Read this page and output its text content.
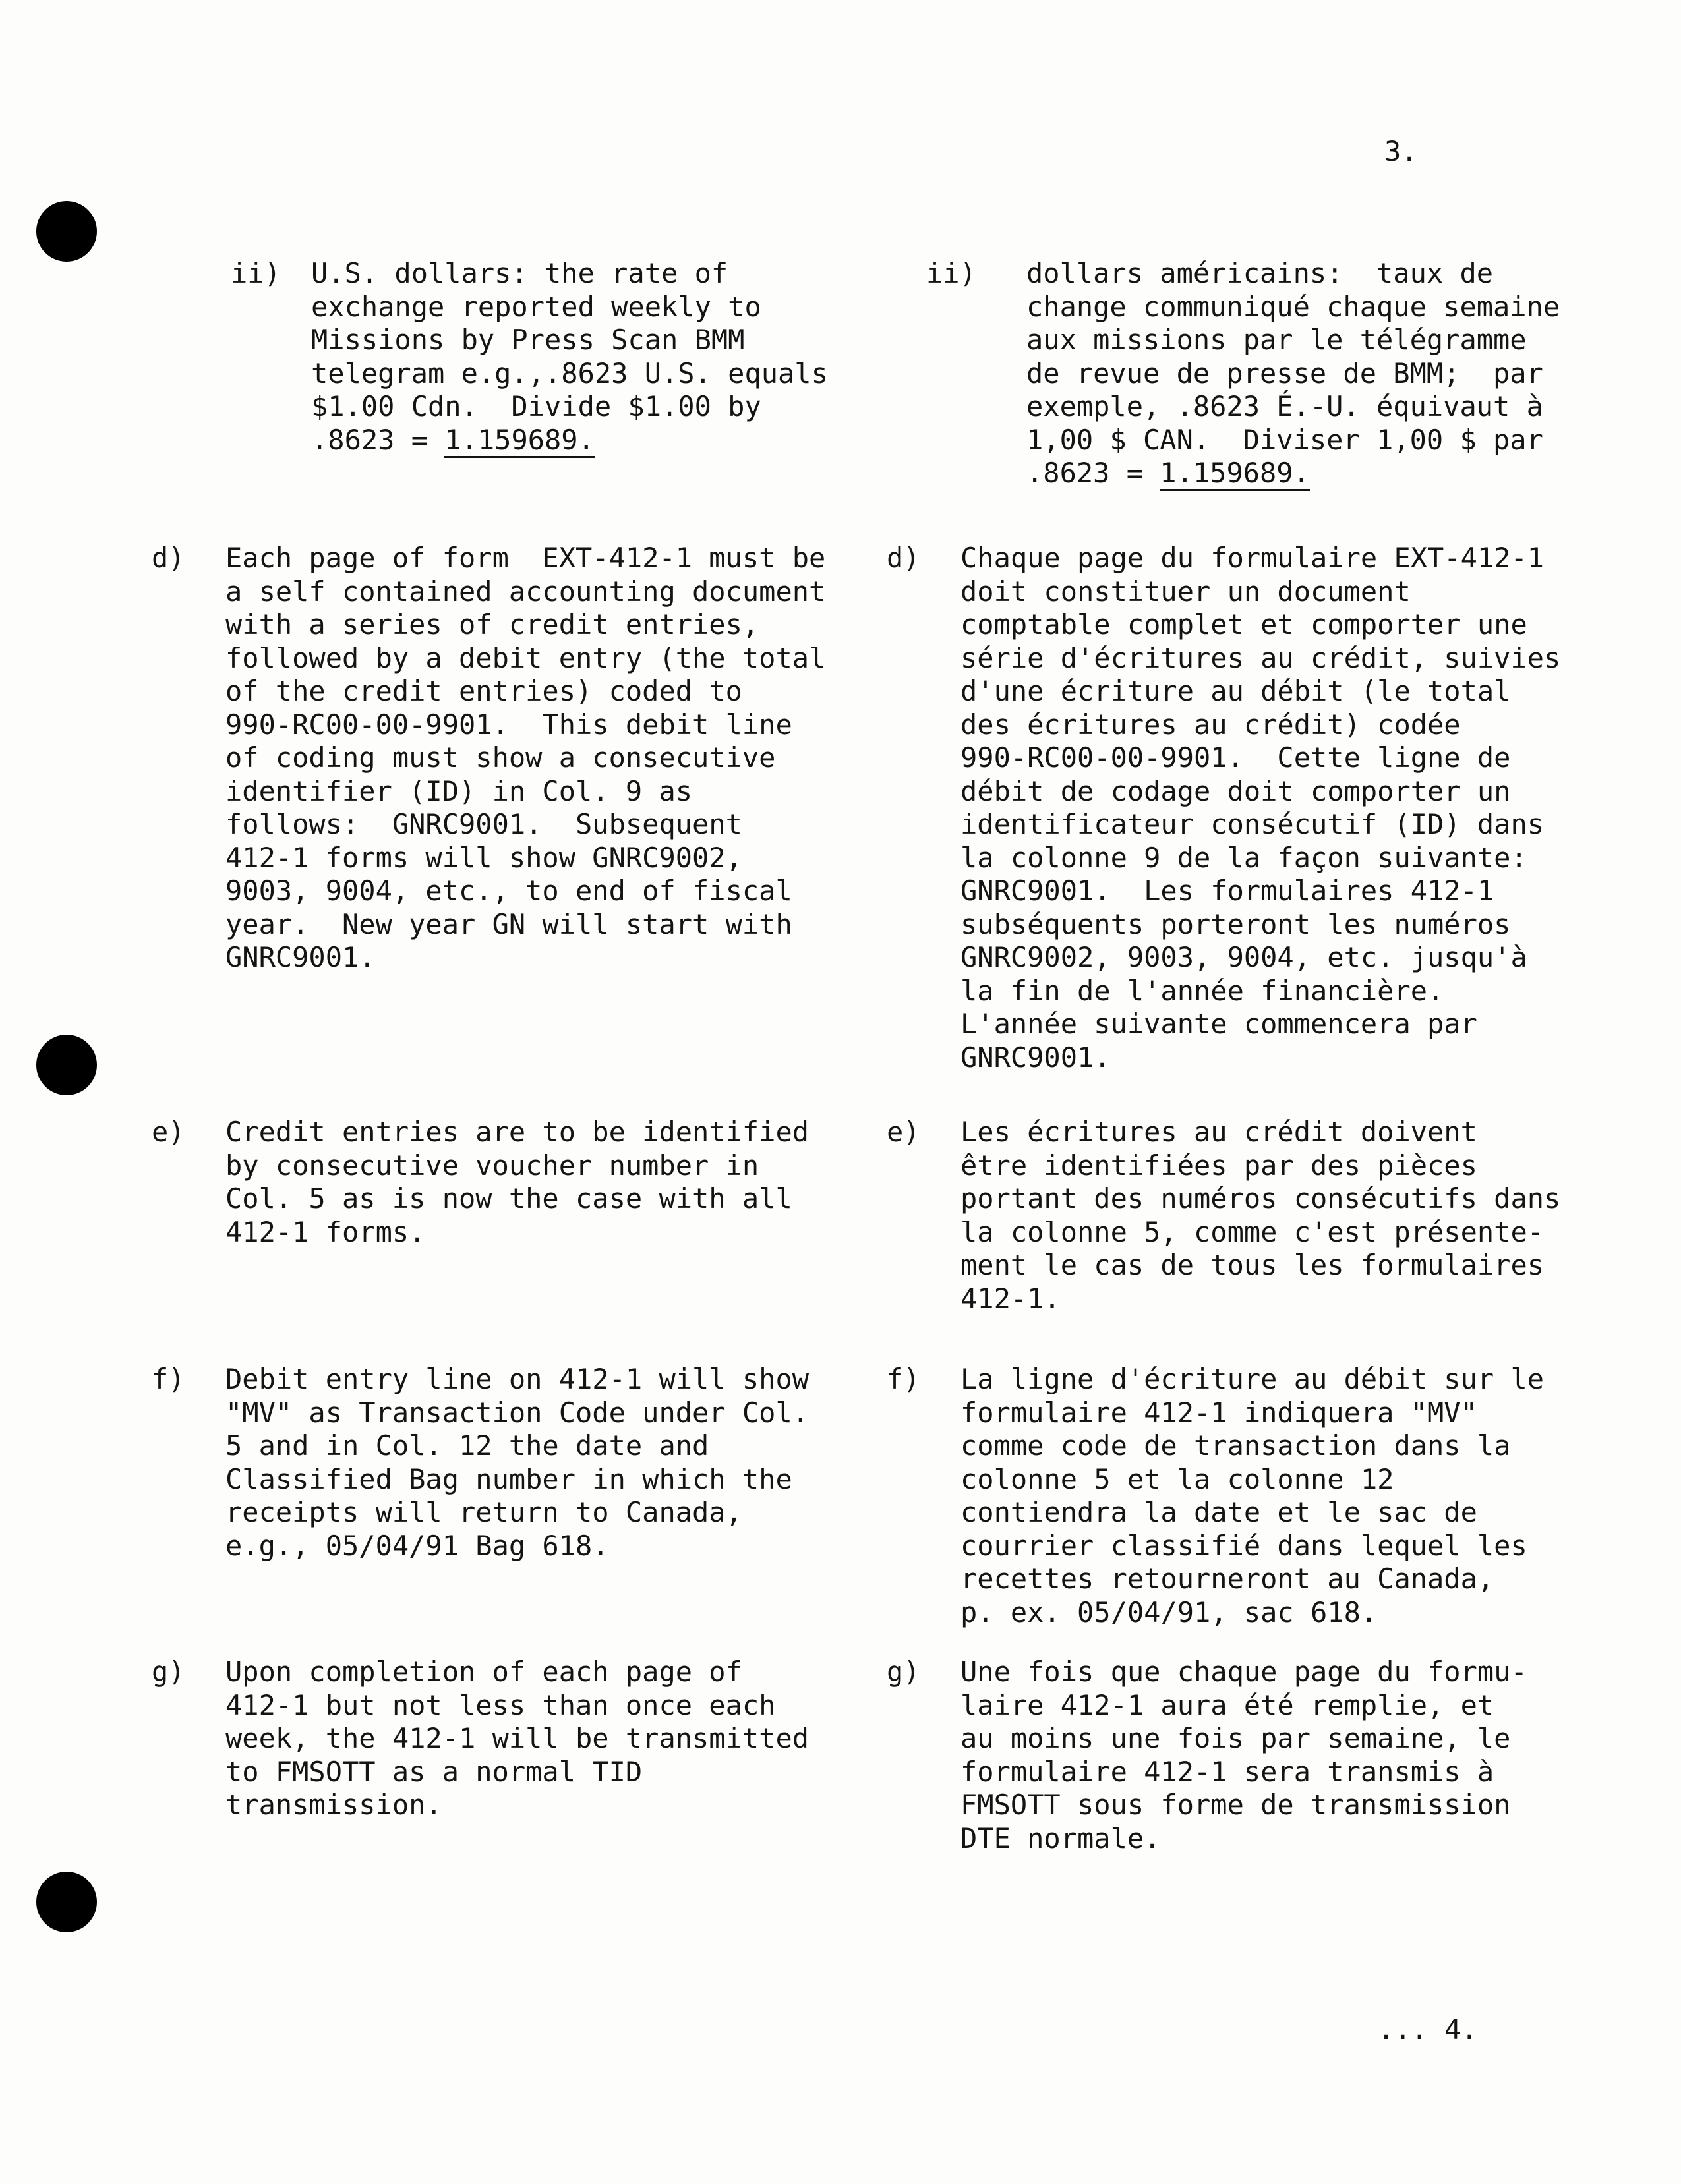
3.
ii) U.S. dollars: the rate of
exchange reported weekly to
Missions by Press Scan BMM
telegram e.g.,.8623 U.S. equals
$1.00 Cdn.  Divide $1.00 by
.8623 = 1.159689.
d) Each page of form  EXT-412-1 must be
a self contained accounting document
with a series of credit entries,
followed by a debit entry (the total
of the credit entries) coded to
990-RC00-00-9901.  This debit line
of coding must show a consecutive
identifier (ID) in Col. 9 as
follows:  GNRC9001.  Subsequent
412-1 forms will show GNRC9002,
9003, 9004, etc., to end of fiscal
year.  New year GN will start with
GNRC9001.
e) Credit entries are to be identified
by consecutive voucher number in
Col. 5 as is now the case with all
412-1 forms.
f) Debit entry line on 412-1 will show
"MV" as Transaction Code under Col.
5 and in Col. 12 the date and
Classified Bag number in which the
receipts will return to Canada,
e.g., 05/04/91 Bag 618.
g) Upon completion of each page of
412-1 but not less than once each
week, the 412-1 will be transmitted
to FMSOTT as a normal TID
transmission.
ii) dollars américains:  taux de
change communiqué chaque semaine
aux missions par le télégramme
de revue de presse de BMM;  par
exemple, .8623 É.-U. équivaut à
1,00 $ CAN.  Diviser 1,00 $ par
.8623 = 1.159689.
d) Chaque page du formulaire EXT-412-1
doit constituer un document
comptable complet et comporter une
série d'écritures au crédit, suivies
d'une écriture au débit (le total
des écritures au crédit) codée
990-RC00-00-9901.  Cette ligne de
débit de codage doit comporter un
identificateur consécutif (ID) dans
la colonne 9 de la façon suivante:
GNRC9001.  Les formulaires 412-1
subséquents porteront les numéros
GNRC9002, 9003, 9004, etc. jusqu'à
la fin de l'année financière.
L'année suivante commencera par
GNRC9001.
e) Les écritures au crédit doivent
être identifiées par des pièces
portant des numéros consécutifs dans
la colonne 5, comme c'est présente-
ment le cas de tous les formulaires
412-1.
f) La ligne d'écriture au débit sur le
formulaire 412-1 indiquera "MV"
comme code de transaction dans la
colonne 5 et la colonne 12
contiendra la date et le sac de
courrier classifié dans lequel les
recettes retourneront au Canada,
p. ex. 05/04/91, sac 618.
g) Une fois que chaque page du formu-
laire 412-1 aura été remplie, et
au moins une fois par semaine, le
formulaire 412-1 sera transmis à
FMSOTT sous forme de transmission
DTE normale.
... 4.
